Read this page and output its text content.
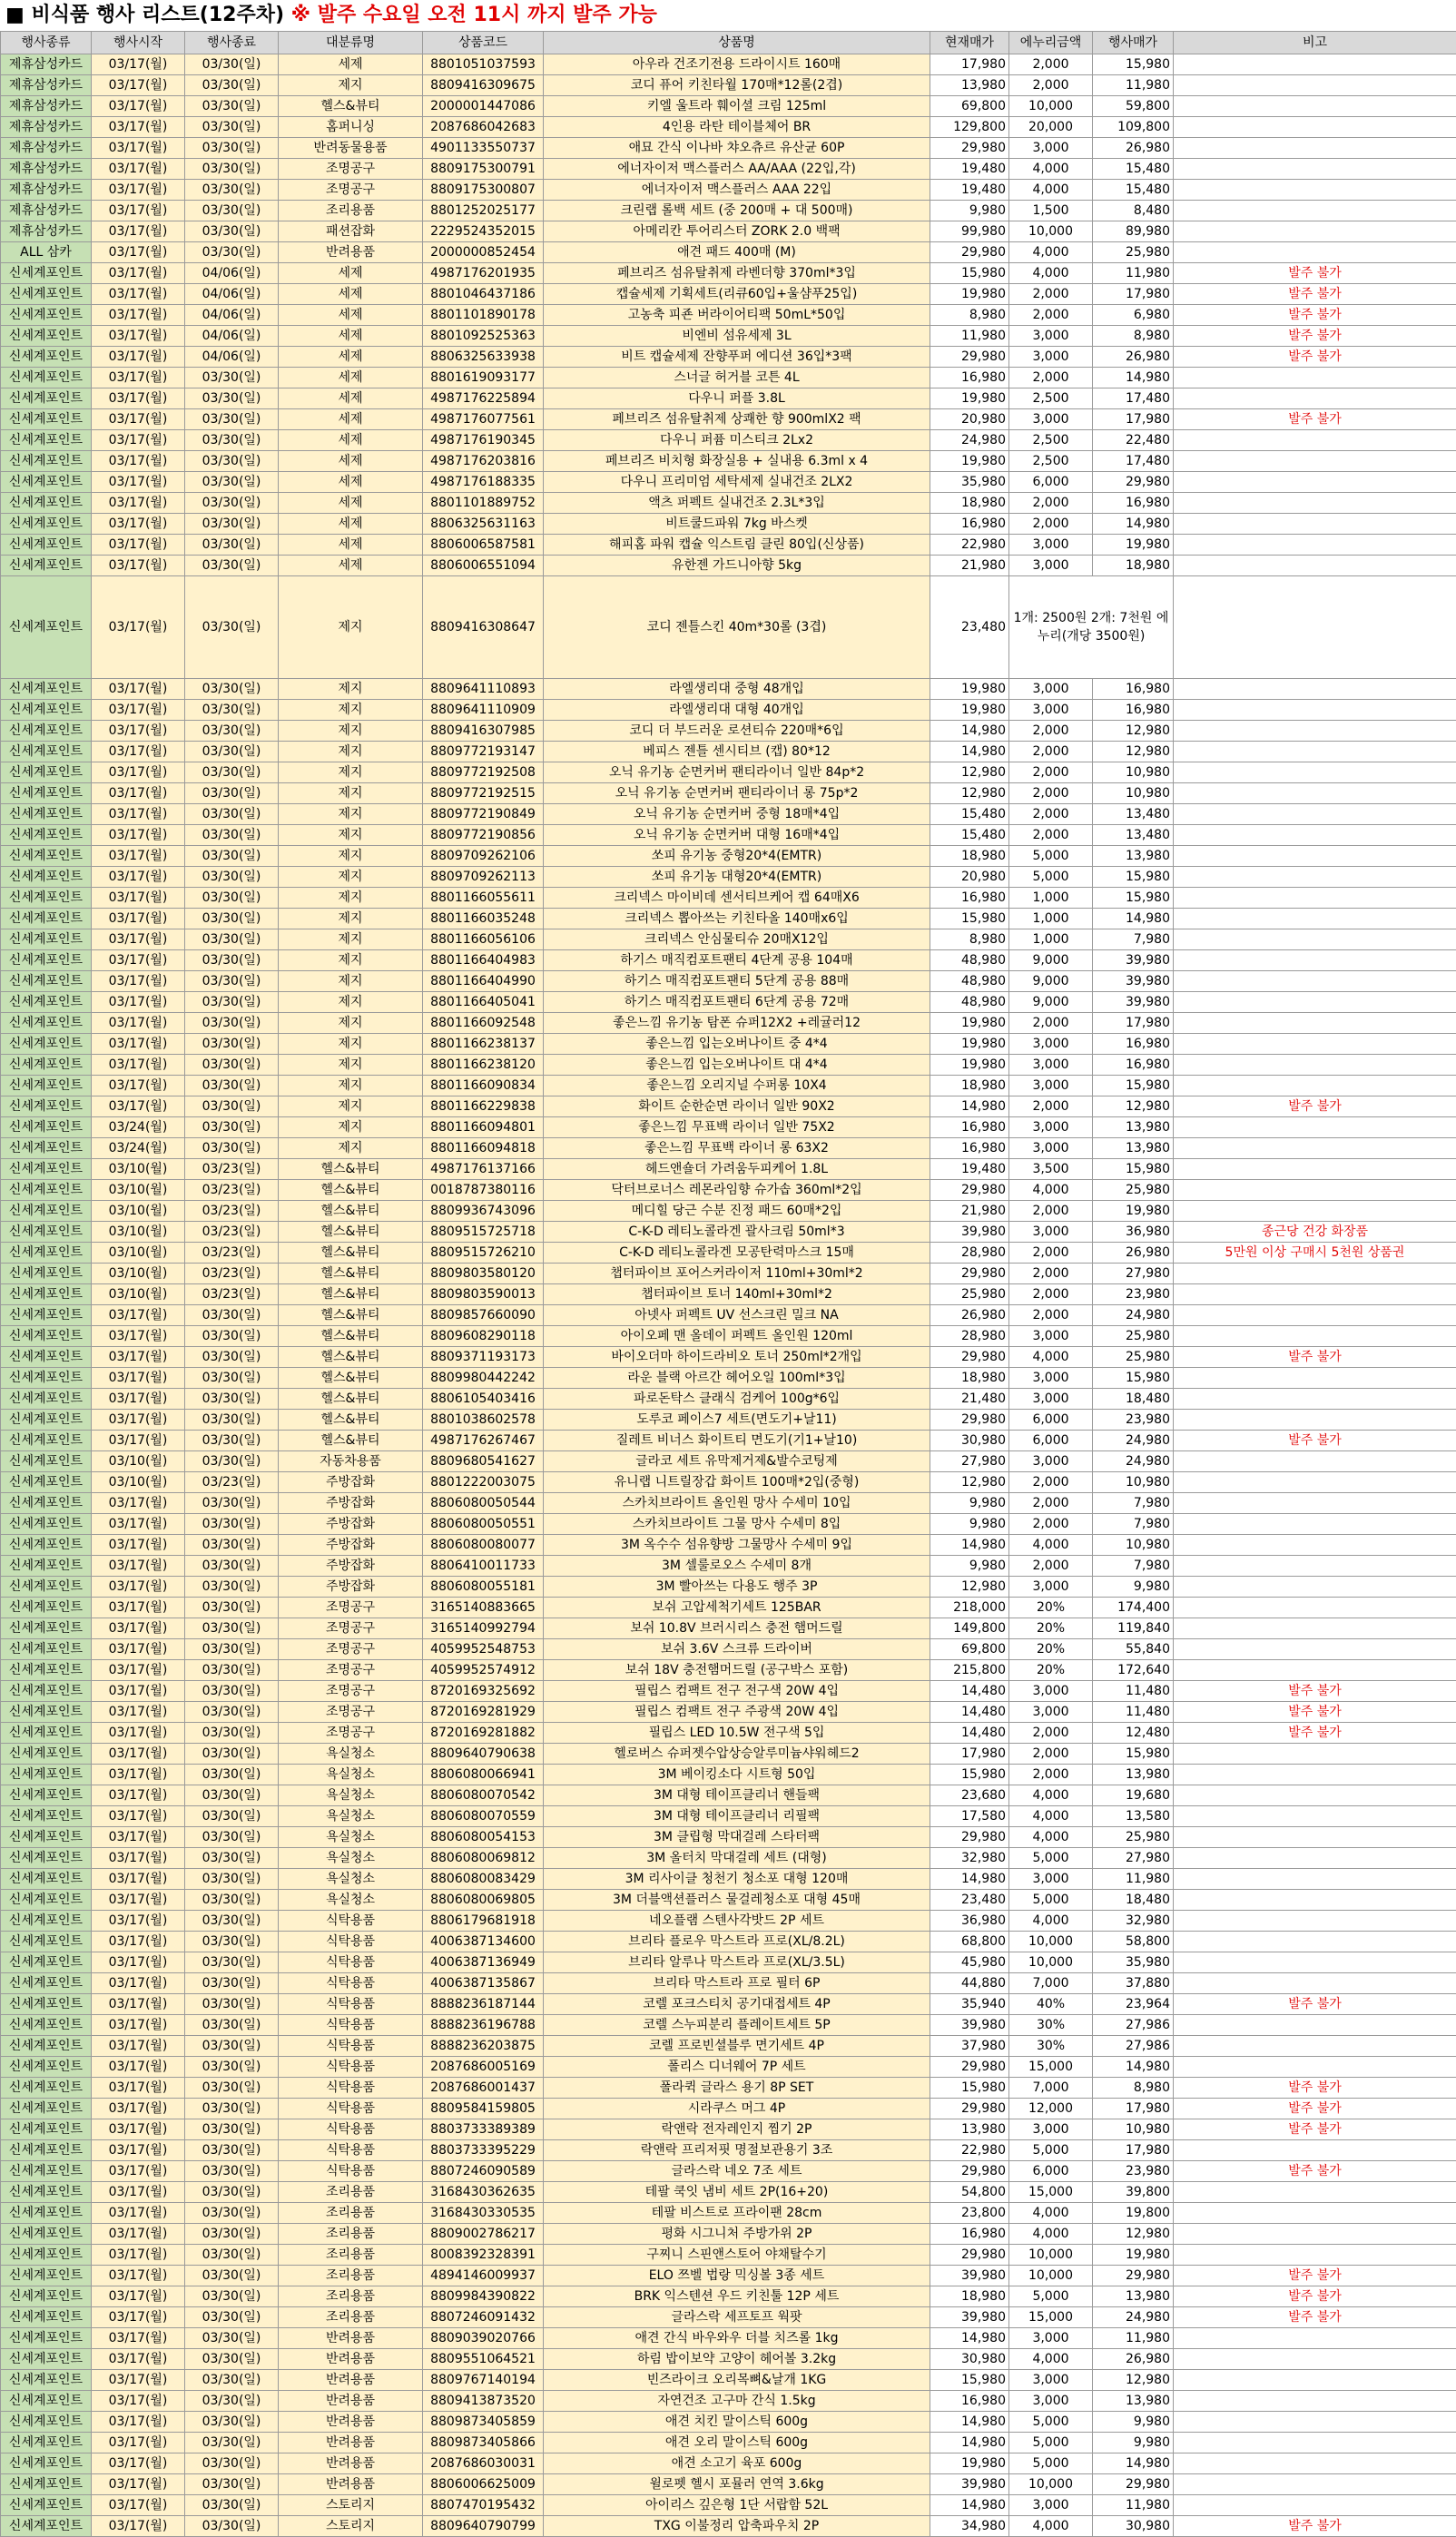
■ 비식품 행사 리스트(12주차) ※ 발주 수요일 오전 11시 까지 발주 가능
행사종류	행사시작	행사종료	대분류명	상품코드	상품명	현재매가	에누리금액	행사매가	비고
제휴삼성카드	03/17(월)	03/30(일)	세제	8801051037593	아우라 건조기전용 드라이시트 160매	17,980	2,000	15,980	
제휴삼성카드	03/17(월)	03/30(일)	제지	8809416309675	코디 퓨어 키친타월 170매*12롤(2겹)	13,980	2,000	11,980	
제휴삼성카드	03/17(월)	03/30(일)	헬스&뷰티	2000001447086	키엘 울트라 훼이셜 크림 125ml	69,800	10,000	59,800	
제휴삼성카드	03/17(월)	03/30(일)	홈퍼니싱	2087686042683	4인용 라탄 테이블체어 BR	129,800	20,000	109,800	
제휴삼성카드	03/17(월)	03/30(일)	반려동물용품	4901133550737	애묘 간식 이나바 챠오츄르 유산균 60P	29,980	3,000	26,980	
제휴삼성카드	03/17(월)	03/30(일)	조명공구	8809175300791	에너자이저 맥스플러스 AA/AAA (22입,각)	19,480	4,000	15,480	
제휴삼성카드	03/17(월)	03/30(일)	조명공구	8809175300807	에너자이저 맥스플러스 AAA 22입	19,480	4,000	15,480	
제휴삼성카드	03/17(월)	03/30(일)	조리용품	8801252025177	크린랩 롤백 세트 (중 200매 + 대 500매)	9,980	1,500	8,480	
제휴삼성카드	03/17(월)	03/30(일)	패션잡화	2229524352015	아메리칸 투어리스터 ZORK 2.0 백팩	99,980	10,000	89,980	
ALL 삼카	03/17(월)	03/30(일)	반려용품	2000000852454	애견 패드 400매 (M)	29,980	4,000	25,980	
신세계포인트	03/17(월)	04/06(일)	세제	4987176201935	페브리즈 섬유탈취제 라벤더향 370ml*3입	15,980	4,000	11,980	발주 불가
신세계포인트	03/17(월)	04/06(일)	세제	8801046437186	캡슐세제 기획세트(리큐60입+울샴푸25입)	19,980	2,000	17,980	발주 불가
신세계포인트	03/17(월)	04/06(일)	세제	8801101890178	고농축 피죤 버라이어티팩 50mL*50입	8,980	2,000	6,980	발주 불가
신세계포인트	03/17(월)	04/06(일)	세제	8801092525363	비엔비 섬유세제 3L	11,980	3,000	8,980	발주 불가
신세계포인트	03/17(월)	04/06(일)	세제	8806325633938	비트 캡슐세제 잔향푸퍼 에디션 36입*3팩	29,980	3,000	26,980	발주 불가
신세계포인트	03/17(월)	03/30(일)	세제	8801619093177	스너글 허거블 코튼 4L	16,980	2,000	14,980	
신세계포인트	03/17(월)	03/30(일)	세제	4987176225894	다우니 퍼플 3.8L	19,980	2,500	17,480	
신세계포인트	03/17(월)	03/30(일)	세제	4987176077561	페브리즈 섬유탈취제 상쾌한 향 900mlX2 팩	20,980	3,000	17,980	발주 불가
신세계포인트	03/17(월)	03/30(일)	세제	4987176190345	다우니 퍼퓸 미스티크 2Lx2	24,980	2,500	22,480	
신세계포인트	03/17(월)	03/30(일)	세제	4987176203816	페브리즈 비치형 화장실용 + 실내용 6.3ml x 4	19,980	2,500	17,480	
신세계포인트	03/17(월)	03/30(일)	세제	4987176188335	다우니 프리미엄 세탁세제 실내건조 2LX2	35,980	6,000	29,980	
신세계포인트	03/17(월)	03/30(일)	세제	8801101889752	액츠 퍼펙트 실내건조 2.3L*3입	18,980	2,000	16,980	
신세계포인트	03/17(월)	03/30(일)	세제	8806325631163	비트쿨드파워 7kg 바스켓	16,980	2,000	14,980	
신세계포인트	03/17(월)	03/30(일)	세제	8806006587581	해피홈 파워 캡슐 익스트림 클린 80입(신상품)	22,980	3,000	19,980	
신세계포인트	03/17(월)	03/30(일)	세제	8806006551094	유한젠 가드니아향 5kg	21,980	3,000	18,980	
신세계포인트	03/17(월)	03/30(일)	제지	8809416308647	코디 젠틀스킨 40m*30롤 (3겹)	23,480	1개: 2500원 2개: 7천원 에누리(개당 3500원)		
신세계포인트	03/17(월)	03/30(일)	제지	8809641110893	라엘생리대 중형 48개입	19,980	3,000	16,980	
신세계포인트	03/17(월)	03/30(일)	제지	8809641110909	라엘생리대 대형 40개입	19,980	3,000	16,980	
신세계포인트	03/17(월)	03/30(일)	제지	8809416307985	코디 더 부드러운 로션티슈 220매*6입	14,980	2,000	12,980	
신세계포인트	03/17(월)	03/30(일)	제지	8809772193147	베피스 젠틀 센시티브 (캡) 80*12	14,980	2,000	12,980	
신세계포인트	03/17(월)	03/30(일)	제지	8809772192508	오닉 유기농 순면커버 팬티라이너 일반 84p*2	12,980	2,000	10,980	
신세계포인트	03/17(월)	03/30(일)	제지	8809772192515	오닉 유기농 순면커버 팬티라이너 롱 75p*2	12,980	2,000	10,980	
신세계포인트	03/17(월)	03/30(일)	제지	8809772190849	오닉 유기농 순면커버 중형 18매*4입	15,480	2,000	13,480	
신세계포인트	03/17(월)	03/30(일)	제지	8809772190856	오닉 유기농 순면커버 대형 16매*4입	15,480	2,000	13,480	
신세계포인트	03/17(월)	03/30(일)	제지	8809709262106	쏘피 유기농 중형20*4(EMTR)	18,980	5,000	13,980	
신세계포인트	03/17(월)	03/30(일)	제지	8809709262113	쏘피 유기농 대형20*4(EMTR)	20,980	5,000	15,980	
신세계포인트	03/17(월)	03/30(일)	제지	8801166055611	크리넥스 마이비데 센서티브케어 캡 64매X6	16,980	1,000	15,980	
신세계포인트	03/17(월)	03/30(일)	제지	8801166035248	크리넥스 뽑아쓰는 키친타올 140매x6입	15,980	1,000	14,980	
신세계포인트	03/17(월)	03/30(일)	제지	8801166056106	크리넥스 안심물티슈 20매X12입	8,980	1,000	7,980	
신세계포인트	03/17(월)	03/30(일)	제지	8801166404983	하기스 매직컴포트팬티 4단계 공용 104매	48,980	9,000	39,980	
신세계포인트	03/17(월)	03/30(일)	제지	8801166404990	하기스 매직컴포트팬티 5단계 공용 88매	48,980	9,000	39,980	
신세계포인트	03/17(월)	03/30(일)	제지	8801166405041	하기스 매직컴포트팬티 6단계 공용 72매	48,980	9,000	39,980	
신세계포인트	03/17(월)	03/30(일)	제지	8801166092548	좋은느낌 유기농 탐폰 슈퍼12X2 +레귤러12	19,980	2,000	17,980	
신세계포인트	03/17(월)	03/30(일)	제지	8801166238137	좋은느낌 입는오버나이트 중 4*4	19,980	3,000	16,980	
신세계포인트	03/17(월)	03/30(일)	제지	8801166238120	좋은느낌 입는오버나이트 대 4*4	19,980	3,000	16,980	
신세계포인트	03/17(월)	03/30(일)	제지	8801166090834	좋은느낌 오리지널 수퍼롱 10X4	18,980	3,000	15,980	
신세계포인트	03/17(월)	03/30(일)	제지	8801166229838	화이트 순한순면 라이너 일반 90X2	14,980	2,000	12,980	발주 불가
신세계포인트	03/24(월)	03/30(일)	제지	8801166094801	좋은느낌 무표백 라이너 일반 75X2	16,980	3,000	13,980	
신세계포인트	03/24(월)	03/30(일)	제지	8801166094818	좋은느낌 무표백 라이너 롱 63X2	16,980	3,000	13,980	
신세계포인트	03/10(월)	03/23(일)	헬스&뷰티	4987176137166	헤드앤숄더 가려움두피케어 1.8L	19,480	3,500	15,980	
신세계포인트	03/10(월)	03/23(일)	헬스&뷰티	0018787380116	닥터브로너스 레몬라임향 슈가솝 360ml*2입	29,980	4,000	25,980	
신세계포인트	03/10(월)	03/23(일)	헬스&뷰티	8809936743096	메디힐 당근 수분 진정 패드 60매*2입	21,980	2,000	19,980	
신세계포인트	03/10(월)	03/23(일)	헬스&뷰티	8809515725718	C-K-D 레티노콜라겐 괄사크림 50ml*3	39,980	3,000	36,980	종근당 건강 화장품
신세계포인트	03/10(월)	03/23(일)	헬스&뷰티	8809515726210	C-K-D 레티노콜라겐 모공탄력마스크 15매	28,980	2,000	26,980	5만원 이상 구매시 5천원 상품권
신세계포인트	03/10(월)	03/23(일)	헬스&뷰티	8809803580120	챕터파이브 포어스커라이저 110ml+30ml*2	29,980	2,000	27,980	
신세계포인트	03/10(월)	03/23(일)	헬스&뷰티	8809803590013	챕터파이브 토너 140ml+30ml*2	25,980	2,000	23,980	
신세계포인트	03/17(월)	03/30(일)	헬스&뷰티	8809857660090	아넷사 퍼펙트 UV 선스크린 밀크 NA	26,980	2,000	24,980	
신세계포인트	03/17(월)	03/30(일)	헬스&뷰티	8809608290118	아이오페 맨 올데이 퍼펙트 올인원 120ml	28,980	3,000	25,980	
신세계포인트	03/17(월)	03/30(일)	헬스&뷰티	8809371193173	바이오더마 하이드라비오 토너 250ml*2개입	29,980	4,000	25,980	발주 불가
신세계포인트	03/17(월)	03/30(일)	헬스&뷰티	8809980442242	라운 블랙 아르간 헤어오일 100ml*3입	18,980	3,000	15,980	
신세계포인트	03/17(월)	03/30(일)	헬스&뷰티	8806105403416	파로돈탁스 클래식 검케어 100g*6입	21,480	3,000	18,480	
신세계포인트	03/17(월)	03/30(일)	헬스&뷰티	8801038602578	도루코 페이스7 세트(면도기+날11)	29,980	6,000	23,980	
신세계포인트	03/17(월)	03/30(일)	헬스&뷰티	4987176267467	질레트 비너스 화이트티 면도기(기1+날10)	30,980	6,000	24,980	발주 불가
신세계포인트	03/10(월)	03/30(일)	자동차용품	8809680541627	글라코 세트 유막제거제&발수코팅제	27,980	3,000	24,980	
신세계포인트	03/10(월)	03/23(일)	주방잡화	8801222003075	유니랩 니트릴장갑 화이트 100매*2입(중형)	12,980	2,000	10,980	
신세계포인트	03/17(월)	03/30(일)	주방잡화	8806080050544	스카치브라이트 올인원 망사 수세미 10입	9,980	2,000	7,980	
신세계포인트	03/17(월)	03/30(일)	주방잡화	8806080050551	스카치브라이트 그물 망사 수세미 8입	9,980	2,000	7,980	
신세계포인트	03/17(월)	03/30(일)	주방잡화	8806080080077	3M 옥수수 섬유향방 그물망사 수세미 9입	14,980	4,000	10,980	
신세계포인트	03/17(월)	03/30(일)	주방잡화	8806410011733	3M 셀룰로오스 수세미 8개	9,980	2,000	7,980	
신세계포인트	03/17(월)	03/30(일)	주방잡화	8806080055181	3M 빨아쓰는 다용도 행주 3P	12,980	3,000	9,980	
신세계포인트	03/17(월)	03/30(일)	조명공구	3165140883665	보쉬 고압세척기세트 125BAR	218,000	20%	174,400	
신세계포인트	03/17(월)	03/30(일)	조명공구	3165140992794	보쉬 10.8V 브러시리스 충전 햄머드릴	149,800	20%	119,840	
신세계포인트	03/17(월)	03/30(일)	조명공구	4059952548753	보쉬 3.6V 스크류 드라이버	69,800	20%	55,840	
신세계포인트	03/17(월)	03/30(일)	조명공구	4059952574912	보쉬 18V 충전햄머드릴 (공구박스 포함)	215,800	20%	172,640	
신세계포인트	03/17(월)	03/30(일)	조명공구	8720169325692	필립스 컴팩트 전구 전구색 20W 4입	14,480	3,000	11,480	발주 불가
신세계포인트	03/17(월)	03/30(일)	조명공구	8720169281929	필립스 컴팩트 전구 주광색 20W 4입	14,480	3,000	11,480	발주 불가
신세계포인트	03/17(월)	03/30(일)	조명공구	8720169281882	필립스 LED 10.5W 전구색 5입	14,480	2,000	12,480	발주 불가
신세계포인트	03/17(월)	03/30(일)	욕실청소	8809640790638	헬로버스 슈퍼젯수압상승알루미늄샤워헤드2	17,980	2,000	15,980	
신세계포인트	03/17(월)	03/30(일)	욕실청소	8806080066941	3M 베이킹소다 시트형 50입	15,980	2,000	13,980	
신세계포인트	03/17(월)	03/30(일)	욕실청소	8806080070542	3M 대형 테이프클리너 핸들팩	23,680	4,000	19,680	
신세계포인트	03/17(월)	03/30(일)	욕실청소	8806080070559	3M 대형 테이프클리너 리필팩	17,580	4,000	13,580	
신세계포인트	03/17(월)	03/30(일)	욕실청소	8806080054153	3M 클립형 막대걸레 스타터팩	29,980	4,000	25,980	
신세계포인트	03/17(월)	03/30(일)	욕실청소	8806080069812	3M 올터치 막대걸레 세트 (대형)	32,980	5,000	27,980	
신세계포인트	03/17(월)	03/30(일)	욕실청소	8806080083429	3M 리사이클 청천기 청소포 대형 120매	14,980	3,000	11,980	
신세계포인트	03/17(월)	03/30(일)	욕실청소	8806080069805	3M 더블액션플러스 물걸레청소포 대형 45매	23,480	5,000	18,480	
신세계포인트	03/17(월)	03/30(일)	식탁용품	8806179681918	네오플램 스텐사각밧드 2P 세트	36,980	4,000	32,980	
신세계포인트	03/17(월)	03/30(일)	식탁용품	4006387134600	브리타 플로우 막스트라 프로(XL/8.2L)	68,800	10,000	58,800	
신세계포인트	03/17(월)	03/30(일)	식탁용품	4006387136949	브리타 알루나 막스트라 프로(XL/3.5L)	45,980	10,000	35,980	
신세계포인트	03/17(월)	03/30(일)	식탁용품	4006387135867	브리타 막스트라 프로 필터 6P	44,880	7,000	37,880	
신세계포인트	03/17(월)	03/30(일)	식탁용품	8888236187144	코렐 포크스티치 공기대접세트 4P	35,940	40%	23,964	발주 불가
신세계포인트	03/17(월)	03/30(일)	식탁용품	8888236196788	코렐 스누피분리 플레이트세트 5P	39,980	30%	27,986	
신세계포인트	03/17(월)	03/30(일)	식탁용품	8888236203875	코렐 프로빈셜블루 면기세트 4P	37,980	30%	27,986	
신세계포인트	03/17(월)	03/30(일)	식탁용품	2087686005169	폴리스 디너웨어 7P 세트	29,980	15,000	14,980	
신세계포인트	03/17(월)	03/30(일)	식탁용품	2087686001437	폴라퀵 글라스 용기 8P SET	15,980	7,000	8,980	발주 불가
신세계포인트	03/17(월)	03/30(일)	식탁용품	8809584159805	시라쿠스 머그 4P	29,980	12,000	17,980	발주 불가
신세계포인트	03/17(월)	03/30(일)	식탁용품	8803733389389	락앤락 전자레인지 찜기 2P	13,980	3,000	10,980	발주 불가
신세계포인트	03/17(월)	03/30(일)	식탁용품	8803733395229	락앤락 프리저핏 명절보관용기 3조	22,980	5,000	17,980	
신세계포인트	03/17(월)	03/30(일)	식탁용품	8807246090589	글라스락 네오 7조 세트	29,980	6,000	23,980	발주 불가
신세계포인트	03/17(월)	03/30(일)	조리용품	3168430362635	테팔 쿡잇 냄비 세트 2P(16+20)	54,800	15,000	39,800	
신세계포인트	03/17(월)	03/30(일)	조리용품	3168430330535	테팔 비스트로 프라이팬 28cm	23,800	4,000	19,800	
신세계포인트	03/17(월)	03/30(일)	조리용품	8809002786217	평화 시그니처 주방가위 2P	16,980	4,000	12,980	
신세계포인트	03/17(월)	03/30(일)	조리용품	8008392328391	구찌니 스핀앤스토어 야채탈수기	29,980	10,000	19,980	
신세계포인트	03/17(월)	03/30(일)	조리용품	4894146009937	ELO 쯔벨 법랑 믹싱볼 3종 세트	39,980	10,000	29,980	발주 불가
신세계포인트	03/17(월)	03/30(일)	조리용품	8809984390822	BRK 익스텐션 우드 키친툴 12P 세트	18,980	5,000	13,980	발주 불가
신세계포인트	03/17(월)	03/30(일)	조리용품	8807246091432	글라스락 세프토프 웍팟	39,980	15,000	24,980	발주 불가
신세계포인트	03/17(월)	03/30(일)	반려용품	8809039020766	애견 간식 바우와우 더블 치즈롤 1kg	14,980	3,000	11,980	
신세계포인트	03/17(월)	03/30(일)	반려용품	8809551064521	하림 밥이보약 고양이 헤어볼 3.2kg	30,980	4,000	26,980	
신세계포인트	03/17(월)	03/30(일)	반려용품	8809767140194	빈즈라이크 오리목뼈&날개 1KG	15,980	3,000	12,980	
신세계포인트	03/17(월)	03/30(일)	반려용품	8809413873520	자연건조 고구마 간식 1.5kg	16,980	3,000	13,980	
신세계포인트	03/17(월)	03/30(일)	반려용품	8809873405859	애견 치킨 말이스틱 600g	14,980	5,000	9,980	
신세계포인트	03/17(월)	03/30(일)	반려용품	8809873405866	애견 오리 말이스틱 600g	14,980	5,000	9,980	
신세계포인트	03/17(월)	03/30(일)	반려용품	2087686030031	애견 소고기 육포 600g	19,980	5,000	14,980	
신세계포인트	03/17(월)	03/30(일)	반려용품	8806006625009	윌로펫 헬시 포뮬러 연역 3.6kg	39,980	10,000	29,980	
신세계포인트	03/17(월)	03/30(일)	스토리지	8807470195432	아이리스 깊은형 1단 서랍함 52L	14,980	3,000	11,980	
신세계포인트	03/17(월)	03/30(일)	스토리지	8809640790799	TXG 이불정리 압축파우치 2P	34,980	4,000	30,980	발주 불가
